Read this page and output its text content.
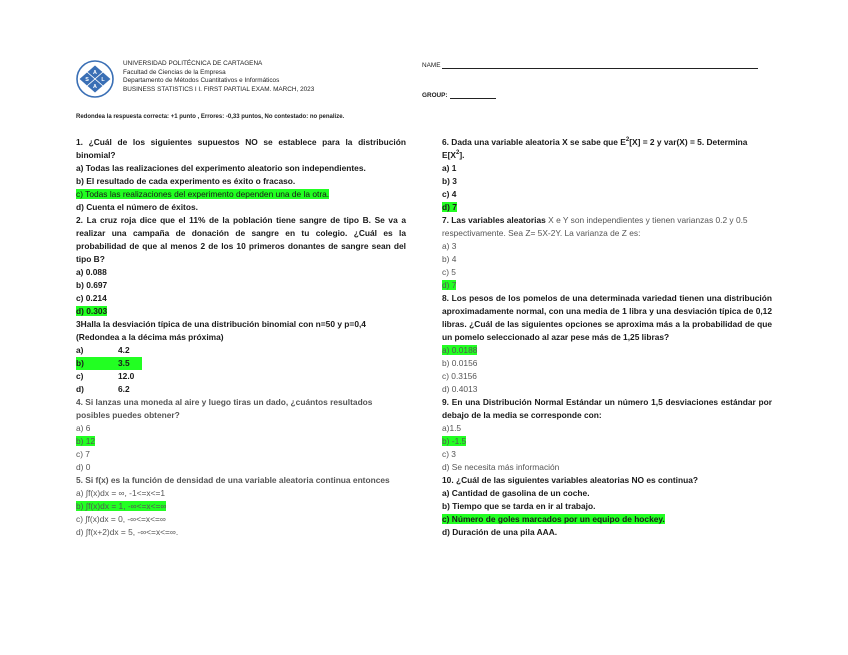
A
S L
A
UNIVERSIDAD POLITÉCNICA DE CARTAGENA
Facultad de Ciencias de la Empresa
Departamento de Métodos Cuantitativos e Informáticos
BUSINESS STATISTICS I I. FIRST PARTIAL EXAM. MARCH, 2023
NAME
GROUP:
Redondea la respuesta correcta: +1 punto , Errores: -0,33 puntos, No contestado: no penalize.
1. ¿Cuál de los siguientes supuestos NO se establece para la distribución binomial?
a) Todas las realizaciones del experimento aleatorio son independientes.
b) El resultado de cada experimento es éxito o fracaso.
c) Todas las realizaciones del experimento dependen una de la otra.
d) Cuenta el número de éxitos.
2. La cruz roja dice que el 11% de la población tiene sangre de tipo B. Se va a realizar una campaña de donación de sangre en tu colegio. ¿Cuál es la probabilidad de que al menos 2 de los 10 primeros donantes de sangre sean del tipo B?
a) 0.088
b) 0.697
c) 0.214
d) 0.303
3Halla la desviación típica de una distribución binomial con n=50 y p=0,4 (Redondea a la décima más próxima)
a)	4.2
b)	3.5
c)	12.0
d)	6.2
4. Si lanzas una moneda al aire y luego tiras un dado, ¿cuántos resultados posibles puedes obtener?
a) 6
b) 12
c) 7
d) 0
5. Si f(x) es la función de densidad de una variable aleatoria continua entonces
a) ∫f(x)dx = ∞, -1<=x<=1
b) ∫f(x)dx = 1, -∞<=x<=∞
c) ∫f(x)dx = 0, -∞<=x<=∞
d) ∫f(x+2)dx = 5, -∞<=x<=∞.
6. Dada una variable aleatoria X se sabe que $E^2[X] = 2$ y var(X) = 5. Determina $E[X^2]$.
a) 1
b) 3
c) 4
d) 7
7. Las variables aleatorias X e Y son independientes y tienen varianzas 0.2 y 0.5 respectivamente. Sea Z= 5X-2Y. La varianza de Z es:
a) 3
b) 4
c) 5
d) 7
8. Los pesos de los pomelos de una determinada variedad tienen una distribución aproximadamente normal, con una media de 1 libra y una desviación típica de 0,12 libras. ¿Cuál de las siguientes opciones se aproxima más a la probabilidad de que un pomelo seleccionado al azar pese más de 1,25 libras?
a) 0.0188
b) 0.0156
c) 0.3156
d) 0.4013
9. En una Distribución Normal Estándar un número 1,5 desviaciones estándar por debajo de la media se corresponde con:
a)1.5
b) -1.5
c) 3
d) Se necesita más información
10. ¿Cuál de las siguientes variables aleatorias NO es continua?
a) Cantidad de gasolina de un coche.
b) Tiempo que se tarda en ir al trabajo.
c) Número de goles marcados por un equipo de hockey.
d) Duración de una pila AAA.
